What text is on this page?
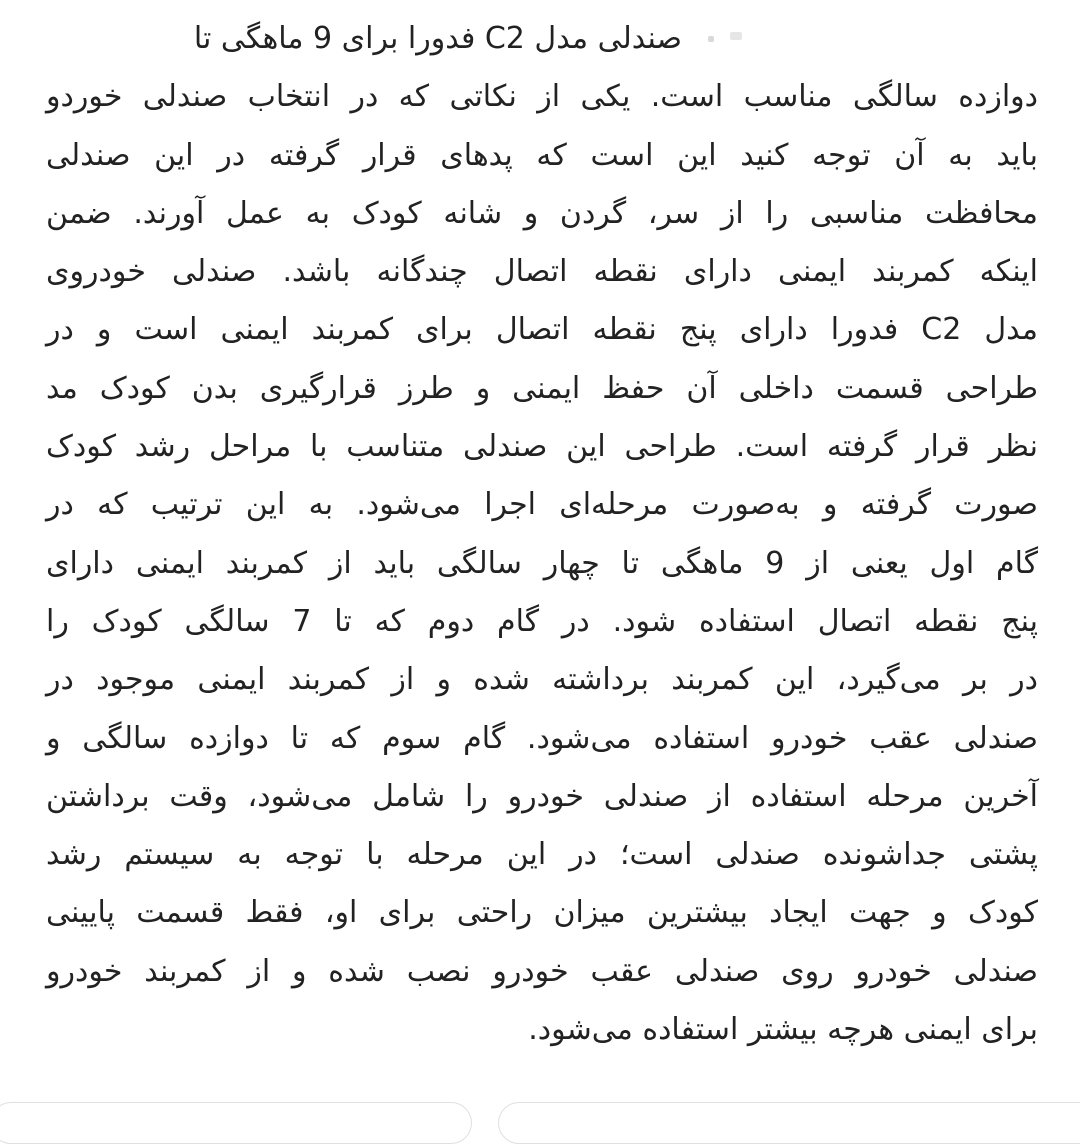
صندلی مدل C2 فدورا برای 9 ماهگی تا

دوازده سالگی مناسب است. یکی از نکاتی که در انتخاب صندلی خوردو

باید به آن توجه کنید این است که پدهای قرار گرفته در این صندلی

محافظت مناسبی را از سر، گردن و شانه کودک به عمل آورند. ضمن

اینکه کمربند ایمنی دارای نقطه اتصال چندگانه باشد. صندلی خودروی

مدل C2 فدورا دارای پنج نقطه اتصال برای کمربند ایمنی است و در

طراحی قسمت داخلی آن حفظ ایمنی و طرز قرارگیری بدن کودک مد

نظر قرار گرفته است. طراحی این صندلی متناسب با مراحل رشد کودک

صورت گرفته و به‌صورت مرحله‌ای اجرا می‌شود. به این ترتیب که در

گام اول یعنی از 9 ماهگی تا چهار سالگی باید از کمربند ایمنی دارای

پنج نقطه اتصال استفاده شود. در گام دوم که تا 7 سالگی کودک را

در بر می‌گیرد، این کمربند برداشته شده و از کمربند ایمنی موجود در

صندلی عقب خودرو استفاده می‌شود. گام سوم که تا دوازده سالگی و

آخرین مرحله استفاده از صندلی خودرو را شامل می‌شود، وقت برداشتن

پشتی جداشونده صندلی است؛ در این مرحله با توجه به سیستم رشد

کودک و جهت ایجاد بیشترین میزان راحتی برای او، فقط قسمت پایینی

صندلی خودرو روی صندلی عقب خودرو نصب شده و از کمربند خودرو

برای ایمنی هرچه بیشتر استفاده می‌شود.
